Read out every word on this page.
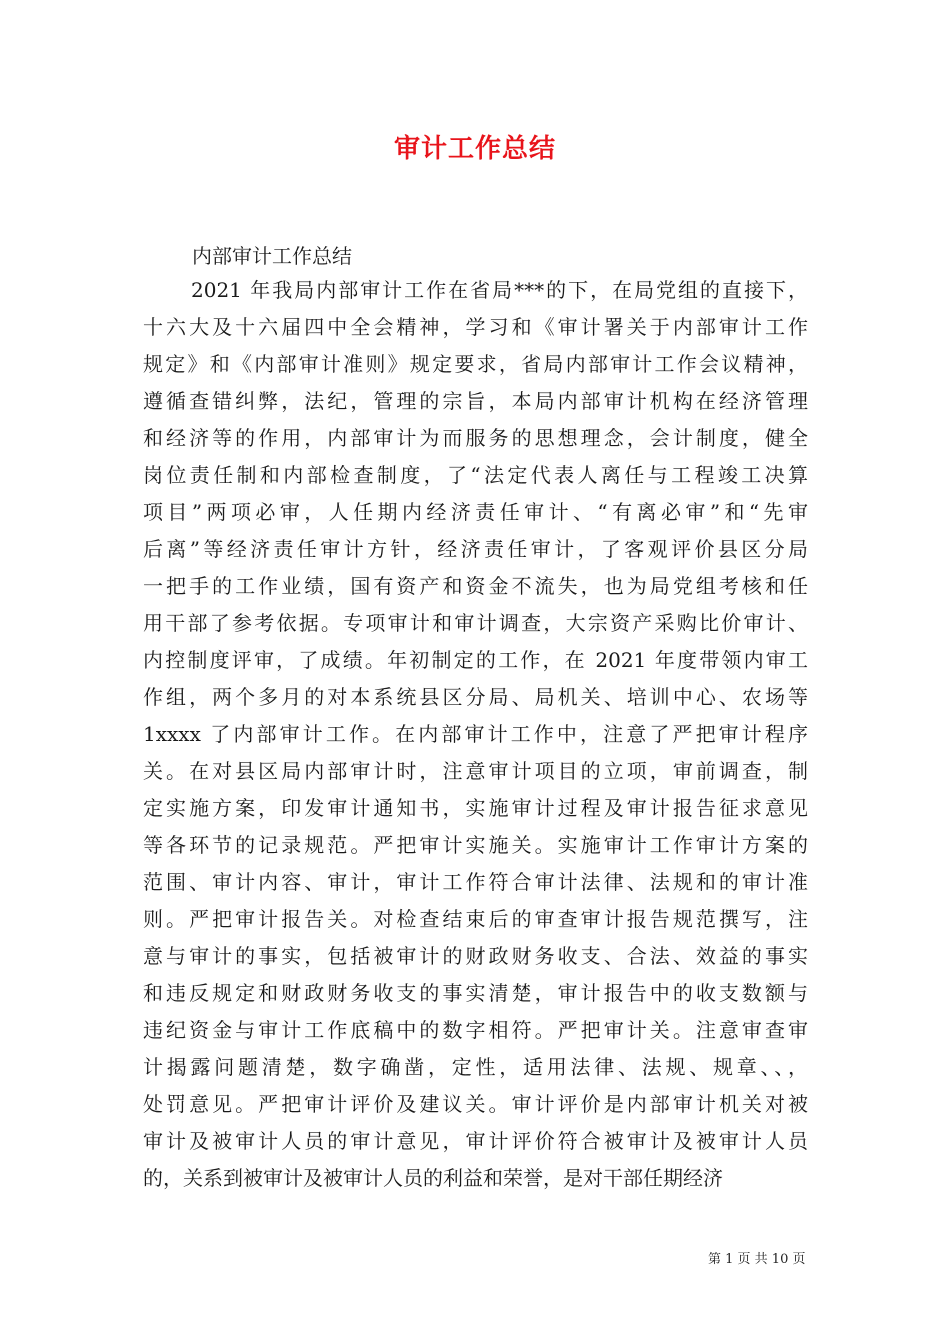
审计工作总结

内部审计工作总结

2021 年我局内部审计工作在省局***的下，在局党组的直接下，
十六大及十六届四中全会精神，学习和《审计署关于内部审计工作
规定》和《内部审计准则》规定要求，省局内部审计工作会议精神，
遵循查错纠弊，法纪，管理的宗旨，本局内部审计机构在经济管理
和经济等的作用，内部审计为而服务的思想理念，会计制度，健全
岗位责任制和内部检查制度，了“法定代表人离任与工程竣工决算
项目”两项必审，人任期内经济责任审计、“有离必审”和“先审
后离”等经济责任审计方针，经济责任审计，了客观评价县区分局
一把手的工作业绩，国有资产和资金不流失，也为局党组考核和任
用干部了参考依据。专项审计和审计调查，大宗资产采购比价审计、
内控制度评审，了成绩。年初制定的工作，在 2021 年度带领内审工
作组，两个多月的对本系统县区分局、局机关、培训中心、农场等
1xxxx 了内部审计工作。在内部审计工作中，注意了严把审计程序
关。在对县区局内部审计时，注意审计项目的立项，审前调查，制
定实施方案，印发审计通知书，实施审计过程及审计报告征求意见
等各环节的记录规范。严把审计实施关。实施审计工作审计方案的
范围、审计内容、审计，审计工作符合审计法律、法规和的审计准
则。严把审计报告关。对检查结束后的审查审计报告规范撰写，注
意与审计的事实，包括被审计的财政财务收支、合法、效益的事实
和违反规定和财政财务收支的事实清楚，审计报告中的收支数额与
违纪资金与审计工作底稿中的数字相符。严把审计关。注意审查审
计揭露问题清楚，数字确凿，定性，适用法律、法规、规章、、，
处罚意见。严把审计评价及建议关。审计评价是内部审计机关对被
审计及被审计人员的审计意见，审计评价符合被审计及被审计人员
的，关系到被审计及被审计人员的利益和荣誉，是对干部任期经济

第 1 页 共 10 页
